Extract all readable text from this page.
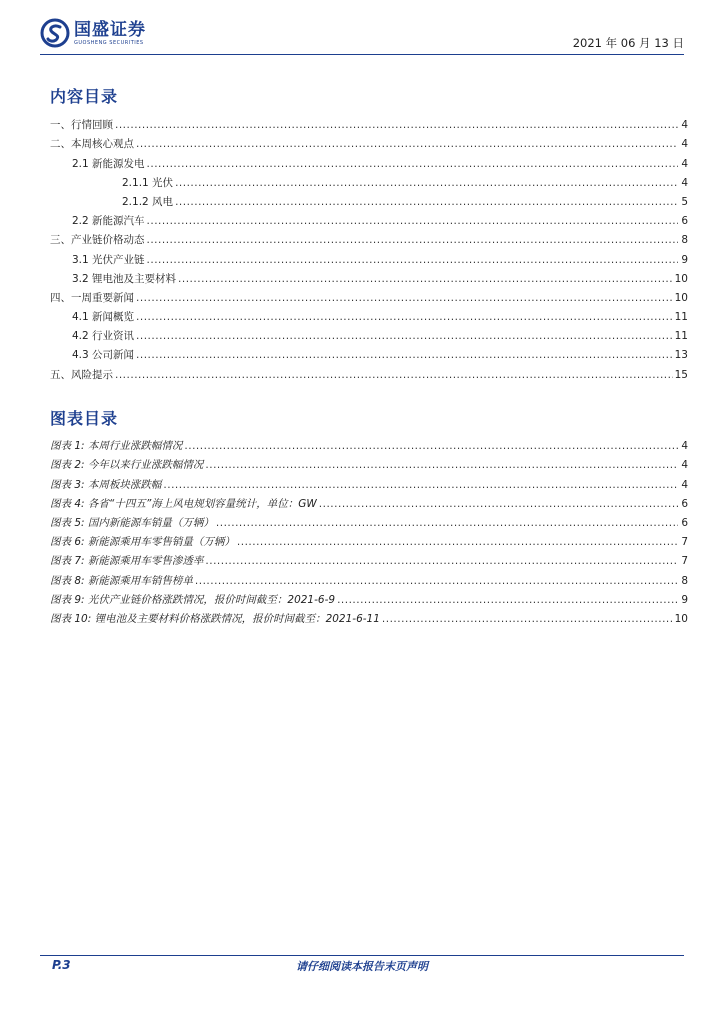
国盛证券
GUOSHENG SECURITIES	2021 年 06 月 13 日
内容目录
一、行情回顾 .....	4
二、本周核心观点 .....	4
2.1 新能源发电 .....	4
2.1.1 光伏 .....	4
2.1.2 风电 .....	5
2.2 新能源汽车 .....	6
三、产业链价格动态 .....	8
3.1 光伏产业链 .....	9
3.2 锂电池及主要材料 .....	10
四、一周重要新闻 .....	10
4.1 新闻概览 .....	11
4.2 行业资讯 .....	11
4.3 公司新闻 .....	13
五、风险提示 .....	15
图表目录
图表 1: 本周行业涨跌幅情况 .....	4
图表 2: 今年以来行业涨跌幅情况 .....	4
图表 3: 本周板块涨跌幅 .....	4
图表 4: 各省“十四五”海上风电规划容量统计，单位：GW .....	6
图表 5: 国内新能源车销量（万辆） .....	6
图表 6: 新能源乘用车零售销量（万辆） .....	7
图表 7: 新能源乘用车零售渗透率 .....	7
图表 8: 新能源乘用车销售榜单 .....	8
图表 9: 光伏产业链价格涨跌情况，报价时间截至：2021-6-9 .....	9
图表 10: 锂电池及主要材料价格涨跌情况，报价时间截至：2021-6-11 .....	10
P.3	请仔细阅读本报告末页声明
